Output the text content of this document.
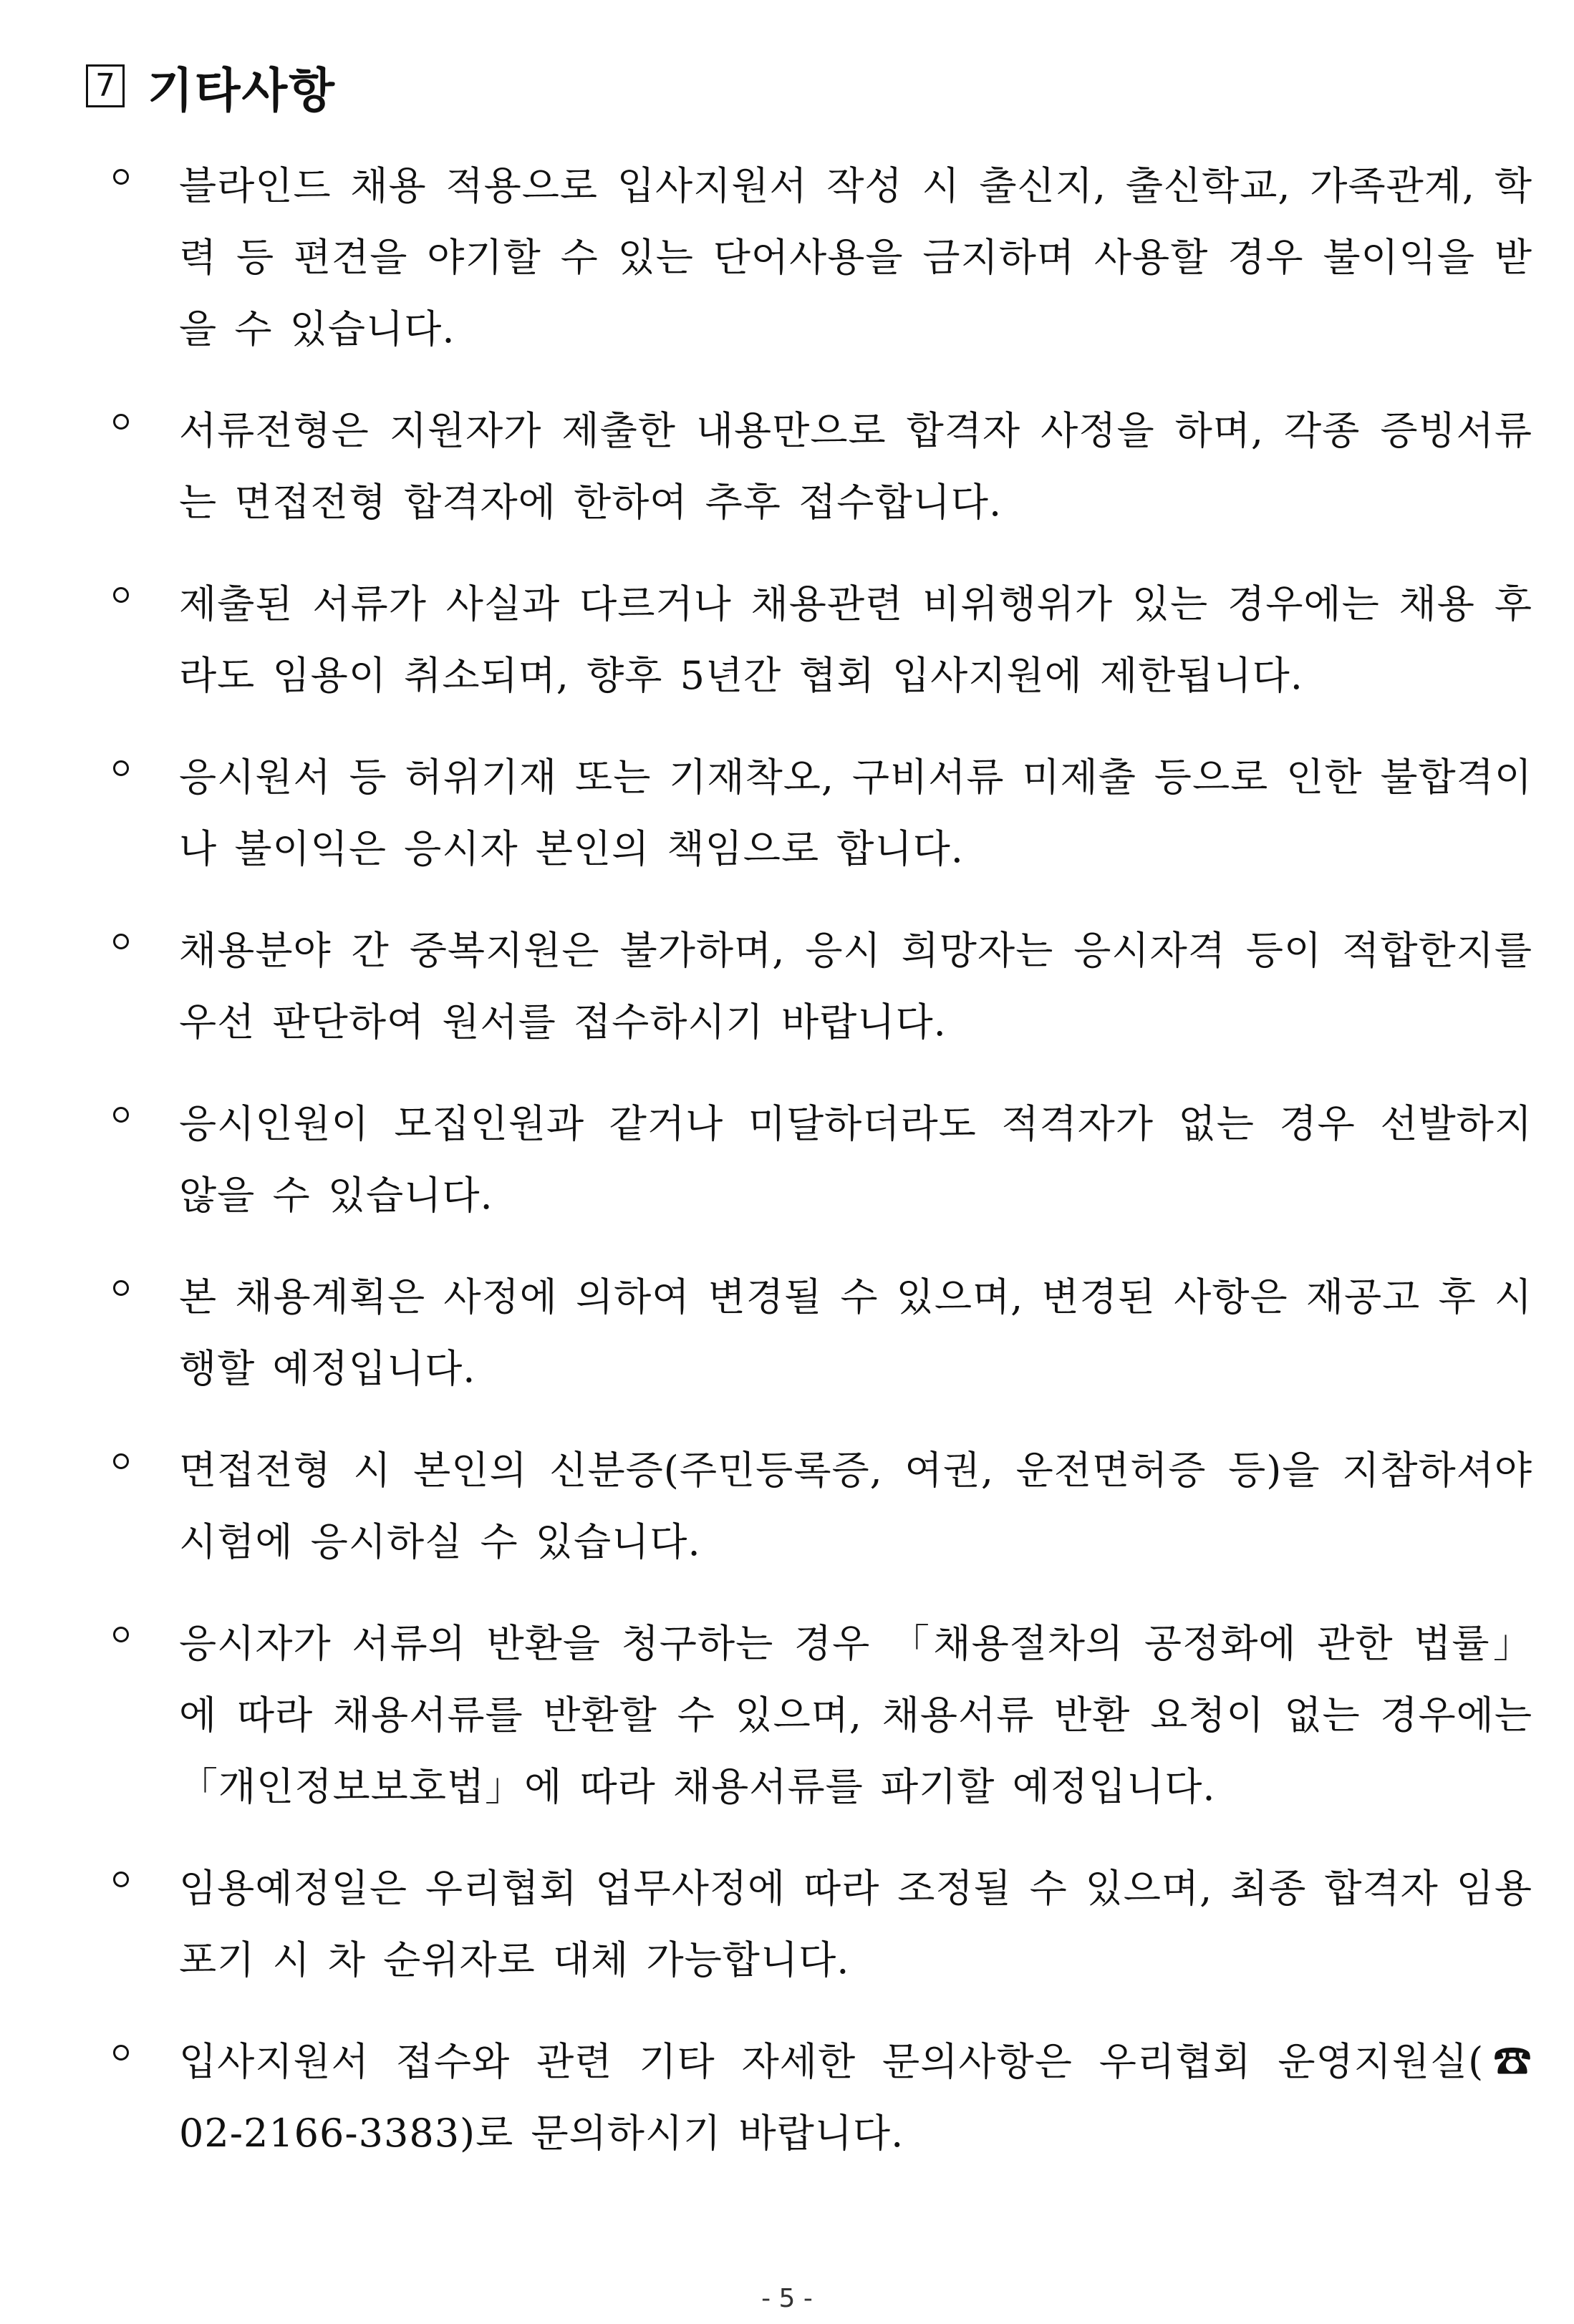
7 기타사항
블라인드 채용 적용으로 입사지원서 작성 시 출신지, 출신학교, 가족관계, 학력 등 편견을 야기할 수 있는 단어사용을 금지하며 사용할 경우 불이익을 받을 수 있습니다.
서류전형은 지원자가 제출한 내용만으로 합격자 사정을 하며, 각종 증빙서류는 면접전형 합격자에 한하여 추후 접수합니다.
제출된 서류가 사실과 다르거나 채용관련 비위행위가 있는 경우에는 채용 후라도 임용이 취소되며, 향후 5년간 협회 입사지원에 제한됩니다.
응시원서 등 허위기재 또는 기재착오, 구비서류 미제출 등으로 인한 불합격이나 불이익은 응시자 본인의 책임으로 합니다.
채용분야 간 중복지원은 불가하며, 응시 희망자는 응시자격 등이 적합한지를 우선 판단하여 원서를 접수하시기 바랍니다.
응시인원이 모집인원과 같거나 미달하더라도 적격자가 없는 경우 선발하지 않을 수 있습니다.
본 채용계획은 사정에 의하여 변경될 수 있으며, 변경된 사항은 재공고 후 시행할 예정입니다.
면접전형 시 본인의 신분증(주민등록증, 여권, 운전면허증 등)을 지참하셔야 시험에 응시하실 수 있습니다.
응시자가 서류의 반환을 청구하는 경우 「채용절차의 공정화에 관한 법률」에 따라 채용서류를 반환할 수 있으며, 채용서류 반환 요청이 없는 경우에는 「개인정보보호법」에 따라 채용서류를 파기할 예정입니다.
임용예정일은 우리협회 업무사정에 따라 조정될 수 있으며, 최종 합격자 임용 포기 시 차 순위자로 대체 가능합니다.
입사지원서 접수와 관련 기타 자세한 문의사항은 우리협회 운영지원실(☎ 02-2166-3383)로 문의하시기 바랍니다.
- 5 -
